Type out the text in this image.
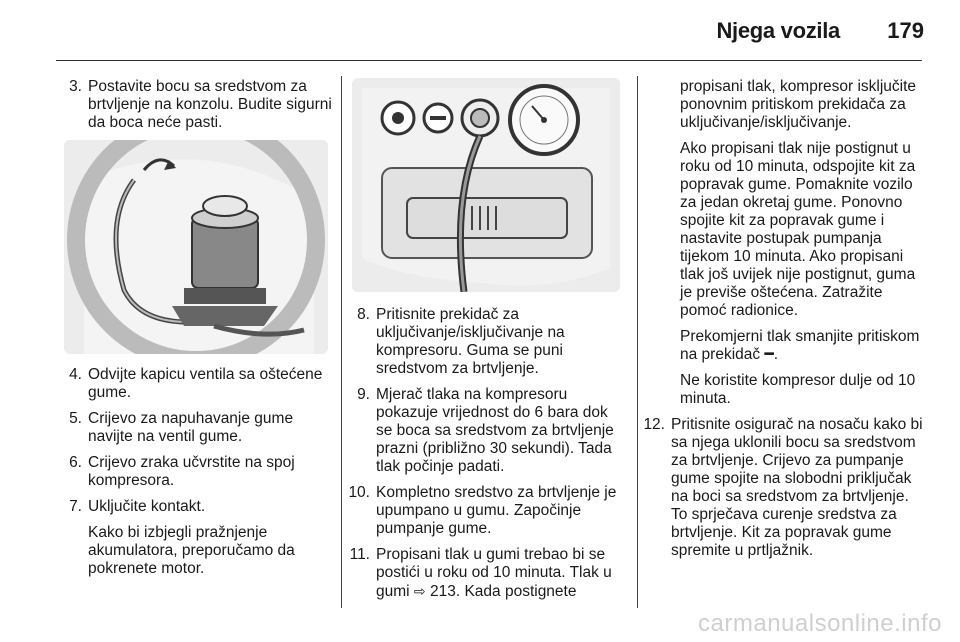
Njega vozila 179
3. Postavite bocu sa sredstvom za brtvljenje na konzolu. Budite sigurni da boca neće pasti.
4. Odvijte kapicu ventila sa oštećene gume.
5. Crijevo za napuhavanje gume navijte na ventil gume.
6. Crijevo zraka učvrstite na spoj kompresora.
7. Uključite kontakt.
Kako bi izbjegli pražnjenje akumulatora, preporučamo da pokrenete motor.
8. Pritisnite prekidač za uključivanje/isključivanje na kompresoru. Guma se puni sredstvom za brtvljenje.
9. Mjerač tlaka na kompresoru pokazuje vrijednost do 6 bara dok se boca sa sredstvom za brtvljenje prazni (približno 30 sekundi). Tada tlak počinje padati.
10. Kompletno sredstvo za brtvljenje je upumpano u gumu. Započinje pumpanje gume.
11. Propisani tlak u gumi trebao bi se postići u roku od 10 minuta. Tlak u gumi ⇨ 213. Kada postignete
propisani tlak, kompresor isključite ponovnim pritiskom prekidača za uključivanje/isključivanje.
Ako propisani tlak nije postignut u roku od 10 minuta, odspojite kit za popravak gume. Pomaknite vozilo za jedan okretaj gume. Ponovno spojite kit za popravak gume i nastavite postupak pumpanja tijekom 10 minuta. Ako propisani tlak još uvijek nije postignut, guma je previše oštećena. Zatražite pomoć radionice.
Prekomjerni tlak smanjite pritiskom na prekidač ━.
Ne koristite kompresor dulje od 10 minuta.
12. Pritisnite osigurač na nosaču kako bi sa njega uklonili bocu sa sredstvom za brtvljenje. Crijevo za pumpanje gume spojite na slobodni priključak na boci sa sredstvom za brtvljenje. To sprječava curenje sredstva za brtvljenje. Kit za popravak gume spremite u prtljažnik.
carmanualsonline.info
